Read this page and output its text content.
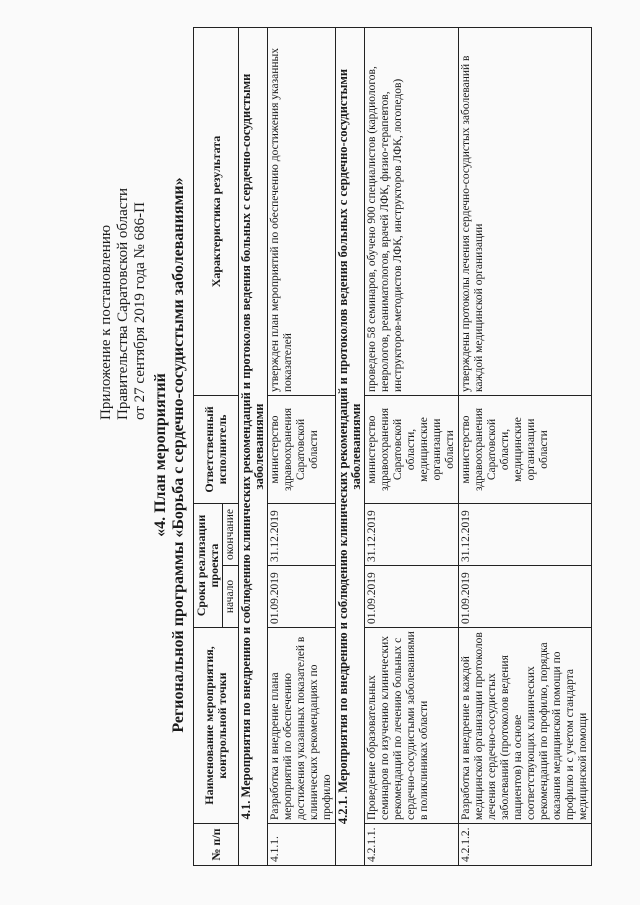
Приложение к постановлению Правительства Саратовской области от 27 сентября 2019 года № 686-П
«4. План мероприятий Региональной программы «Борьба с сердечно-сосудистыми заболеваниями»
№ п/п	Наименование мероприятия, контрольной точки	Сроки реализации проекта		Ответственный исполнитель	Характеристика результата
		начало	окончание		
4.1. Мероприятия по внедрению и соблюдению клинических рекомендаций и протоколов ведения больных с сердечно-сосудистыми заболеваниями					
4.1.1.	Разработка и внедрение плана мероприятий по обеспечению достижения указанных показателей в клинических рекомендациях по профилю	01.09.2019	31.12.2019	министерство здравоохранения Саратовской области	утвержден план мероприятий по обеспечению достижения указанных показателей
4.2.1. Мероприятия по внедрению и соблюдению клинических рекомендаций и протоколов ведения больных с сердечно-сосудистыми заболеваниями					
4.2.1.1.	Проведение образовательных семинаров по изучению клинических рекомендаций по лечению больных с сердечно-сосудистыми заболеваниями в поликлиниках области	01.09.2019	31.12.2019	министерство здравоохранения Саратовской области, медицинские организации области	проведено 58 семинаров, обучено 900 специалистов (кардиологов, неврологов, реаниматологов, врачей ЛФК, физио-терапевтов, инструкторов-методистов ЛФК, инструкторов ЛФК, логопедов)
4.2.1.2.	Разработка и внедрение в каждой медицинской организации протоколов лечения сердечно-сосудистых заболеваний (протоколов ведения пациентов) на основе соответствующих клинических рекомендаций по профилю, порядка оказания медицинской помощи по профилю и с учетом стандарта медицинской помощи	01.09.2019	31.12.2019	министерство здравоохранения Саратовской области, медицинские организации области	утверждены протоколы лечения сердечно-сосудистых заболеваний в каждой медицинской организации
